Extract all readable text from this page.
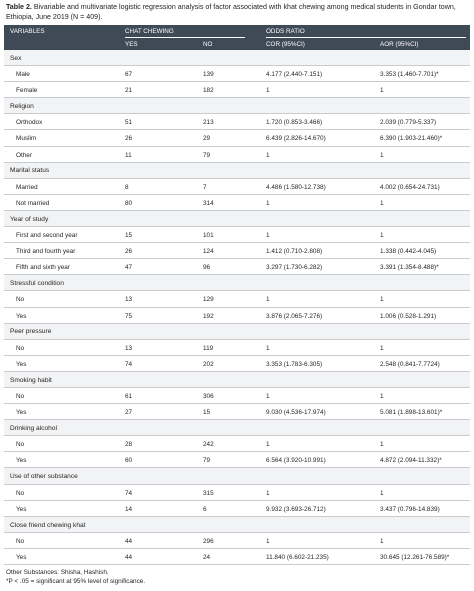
Table 2. Bivariable and multivariate logistic regression analysis of factor associated with khat chewing among medical students in Gondar town, Ethiopia, June 2019 (N = 409).
VARIABLES	CHAT CHEWING	ODDS RATIO
YES	NO	COR (95%CI)	AOR (95%CI)
Sex
Male	67	139	4.177 (2.440-7.151)	3.353 (1.460-7.701)*
Female	21	182	1	1
Religion
Orthodox	51	213	1.720 (0.853-3.466)	2.039 (0.779-5.337)
Muslim	26	29	6.439 (2.826-14.670)	6.390 (1.903-21.460)*
Other	11	79	1	1
Marital status
Married	8	7	4.486 (1.580-12.738)	4.002 (0.654-24.731)
Not married	80	314	1	1
Year of study
First and second year	15	101	1	1
Third and fourth year	26	124	1.412 (0.710-2.808)	1.338 (0.442-4.045)
Fifth and sixth year	47	96	3.297 (1.730-6.282)	3.391 (1.354-8.488)*
Stressful condition
No	13	129	1	1
Yes	75	192	3.876 (2.065-7.276)	1.006 (0.528-1.291)
Peer pressure
No	13	119	1	1
Yes	74	202	3.353 (1.783-6.305)	2.548 (0.841-7.7724)
Smoking habit
No	61	306	1	1
Yes	27	15	9.030 (4.536-17.974)	5.081 (1.898-13.601)*
Drinking alcohol
No	28	242	1	1
Yes	60	79	6.564 (3.920-10.991)	4.872 (2.094-11.332)*
Use of other substance
No	74	315	1	1
Yes	14	6	9.932 (3.693-26.712)	3.437 (0.796-14.839)
Close friend chewing khat
No	44	296	1	1
Yes	44	24	11.840 (6.602-21.235)	30.645 (12.261-76.589)*
Other Substances: Shisha, Hashish.
*P < .05 = significant at 95% level of significance.
